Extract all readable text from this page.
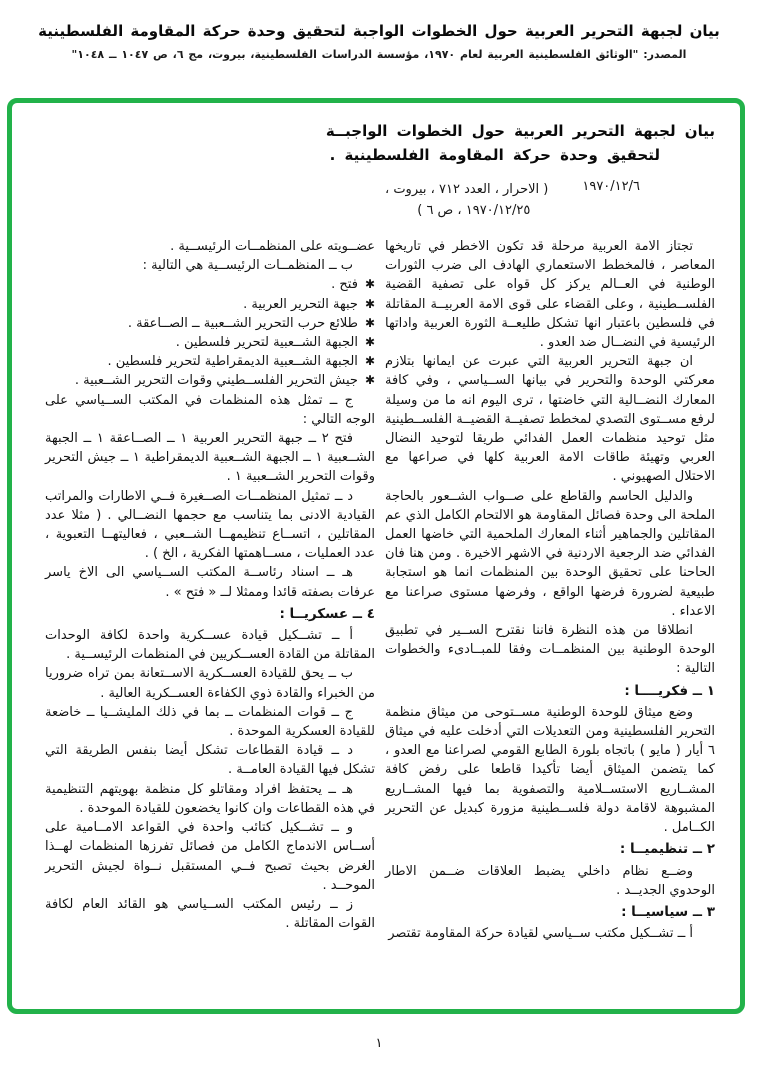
بيان لجبهة التحرير العربية حول الخطوات الواجبة لتحقيق وحدة حركة المقاومة الفلسطينية
المصدر: "الوثائق الفلسطينية العربية لعام ١٩٧٠، مؤسسة الدراسات الفلسطينية، بيروت، مج ٦، ص ١٠٤٧ ــ ١٠٤٨"
بيان لجبهة التحرير العربية حول الخطوات الواجبــة
لتحقيق وحدة حركة المقاومة الفلسطينية .
١٩٧٠/١٢/٦
( الاحرار ، العدد ٧١٢ ، بيروت ،
١٩٧٠/١٢/٢٥ ، ص ٦ )

تجتاز الامة العربية مرحلة قد تكون الاخطر في تاريخها المعاصر ، فالمخطط الاستعماري الهادف الى ضرب الثورات الوطنية في العــالم يركز كل قواه على تصفية القضية الفلســطينية ، وعلى القضاء على قوى الامة العربيــة المقاتلة في فلسطين باعتبار انها تشكل طليعــة الثورة العربية واداتها الرئيسية في النضــال ضد العدو .

ان جبهة التحرير العربية التي عبرت عن ايمانها بتلازم معركتي الوحدة والتحرير في بيانها الســياسي ، وفي كافة المعارك النضــالية التي خاضتها ، ترى اليوم انه ما من وسيلة لرفع مســتوى التصدي لمخطط تصفيــة القضيــة الفلســطينية مثل توحيد منظمات العمل الفدائي طريقا لتوحيد النضال العربي وتهيئة طاقات الامة العربية كلها في صراعها مع الاحتلال الصهيوني .

والدليل الحاسم والقاطع على صــواب الشــعور بالحاجة الملحة الى وحدة فصائل المقاومة هو الالتحام الكامل الذي عم المقاتلين والجماهير أثناء المعارك الملحمية التي خاضها العمل الفدائي ضد الرجعية الاردنية في الاشهر الاخيرة . ومن هنا فان الحاحنا على تحقيق الوحدة بين المنظمات انما هو استجابة طبيعية لضرورة فرضها الواقع ، وفرضها مستوى صراعنا مع الاعداء .

انطلاقا من هذه النظرة فاننا نقترح الســير في تطبيق الوحدة الوطنية بين المنظمــات وفقا للمبــادىء والخطوات التالية :

١ ــ فكريــــا :

وضع ميثاق للوحدة الوطنية مســتوحى من ميثاق منظمة التحرير الفلسطينية ومن التعديلات التي أدخلت عليه في ميثاق ٦ أيار ( مايو ) باتجاه بلورة الطابع القومي لصراعنا مع العدو ، كما يتضمن الميثاق أيضا تأكيدا قاطعا على رفض كافة المشــاريع الاستســلامية والتصفوية بما فيها المشــاريع المشبوهة لاقامة دولة فلســطينية مزورة كبديل عن التحرير الكــامل .

٢ ــ تنظيميــا :

وضــع نظام داخلي يضبط العلاقات ضــمن الاطار الوحدوي الجديــد .

٣ ــ سياسيــا :

أ ــ تشــكيل مكتب ســياسي لقيادة حركة المقاومة تقتصر

عضــويته على المنظمــات الرئيســية .

ب ــ المنظمــات الرئيســية هي التالية :

✱
فتح .
✱
جبهة التحرير العربية .
✱
طلائع حرب التحرير الشــعبية ــ الصــاعقة .
✱
الجبهة الشــعبية لتحرير فلسطين .
✱
الجبهة الشــعبية الديمقراطية لتحرير فلسطين .
✱
جيش التحرير الفلســطيني وقوات التحرير الشــعبية .

ج ــ تمثل هذه المنظمات في المكتب الســياسي على الوجه التالي :

فتح ٢ ــ جبهة التحرير العربية ١ ــ الصــاعقة ١ ــ الجبهة الشــعبية ١ ــ الجبهة الشــعبية الديمقراطية ١ ــ جيش التحرير وقوات التحرير الشــعبية ١ .

د ــ تمثيل المنظمــات الصــغيرة فــي الاطارات والمراتب القيادية الادنى بما يتناسب مع حجمها النضــالي . ( مثلا عدد المقاتلين ، اتســاع تنظيمهــا الشــعبي ، فعاليتهــا التعبوية ، عدد العمليات ، مســاهمتها الفكرية ، الخ ) .

هـ ــ اسناد رئاســة المكتب الســياسي الى الاخ ياسر عرفات بصفته قائدا وممثلا لــ « فتح » .

٤ ــ عسكريــا :

أ ــ تشــكيل قيادة عســكرية واحدة لكافة الوحدات المقاتلة من القادة العســكريين في المنظمات الرئيســية .

ب ــ يحق للقيادة العســكرية الاســتعانة بمن تراه ضروريا من الخبراء والقادة ذوي الكفاءة العســكرية العالية .

ج ــ قوات المنظمات ــ بما في ذلك المليشــيا ــ خاضعة للقيادة العسكرية الموحدة .

د ــ قيادة القطاعات تشكل أيضا بنفس الطريقة التي تشكل فيها القيادة العامــة .

هـ ــ يحتفظ افراد ومقاتلو كل منظمة بهويتهم التنظيمية في هذه القطاعات وان كانوا يخضعون للقيادة الموحدة .

و ــ تشــكيل كتائب واحدة في القواعد الامــامية على أســاس الاندماج الكامل من فصائل تفرزها المنظمات لهــذا الغرض بحيث تصبح فــي المستقبل نــواة لجيش التحرير الموحــد .

ز ــ رئيس المكتب الســياسي هو القائد العام لكافة القوات المقاتلة .

١
